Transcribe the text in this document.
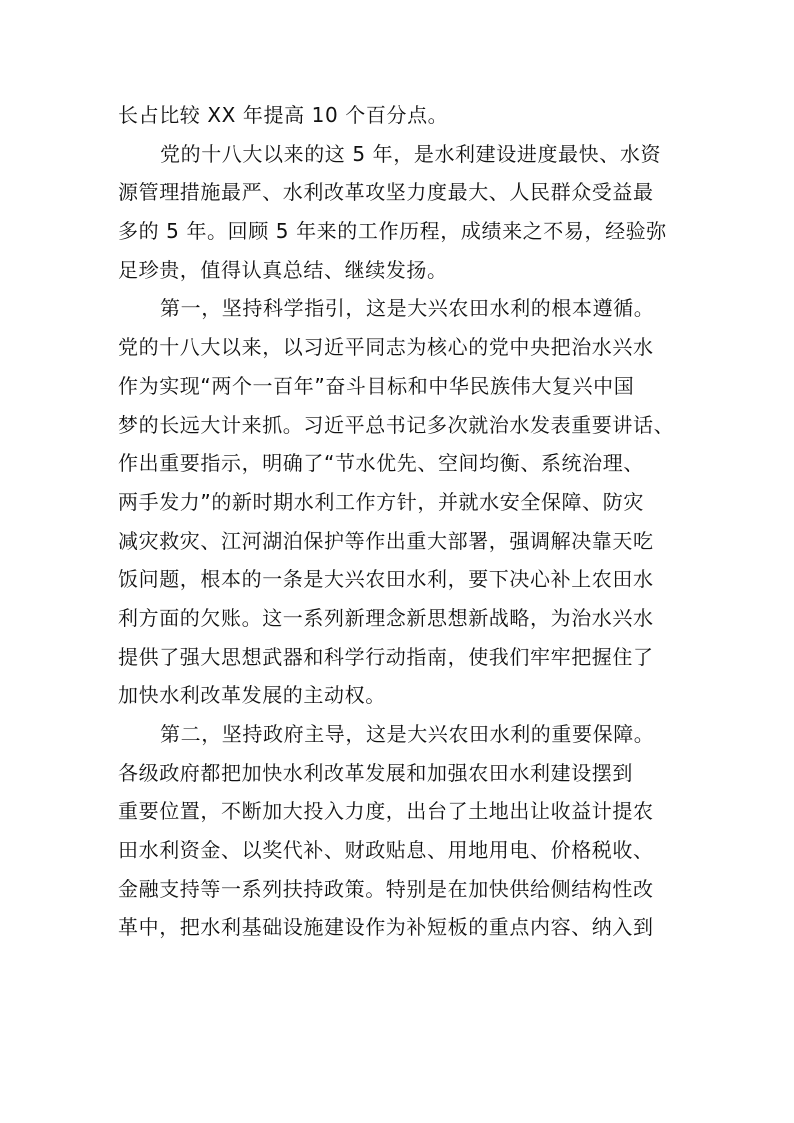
长占比较 XX 年提高 10 个百分点。
党的十八大以来的这 5 年，是水利建设进度最快、水资
源管理措施最严、水利改革攻坚力度最大、人民群众受益最
多的 5 年。回顾 5 年来的工作历程，成绩来之不易，经验弥
足珍贵，值得认真总结、继续发扬。
第一，坚持科学指引，这是大兴农田水利的根本遵循。
党的十八大以来，以习近平同志为核心的党中央把治水兴水
作为实现“两个一百年”奋斗目标和中华民族伟大复兴中国
梦的长远大计来抓。习近平总书记多次就治水发表重要讲话、
作出重要指示，明确了“节水优先、空间均衡、系统治理、
两手发力”的新时期水利工作方针，并就水安全保障、防灾
减灾救灾、江河湖泊保护等作出重大部署，强调解决靠天吃
饭问题，根本的一条是大兴农田水利，要下决心补上农田水
利方面的欠账。这一系列新理念新思想新战略，为治水兴水
提供了强大思想武器和科学行动指南，使我们牢牢把握住了
加快水利改革发展的主动权。
第二，坚持政府主导，这是大兴农田水利的重要保障。
各级政府都把加快水利改革发展和加强农田水利建设摆到
重要位置，不断加大投入力度，出台了土地出让收益计提农
田水利资金、以奖代补、财政贴息、用地用电、价格税收、
金融支持等一系列扶持政策。特别是在加快供给侧结构性改
革中，把水利基础设施建设作为补短板的重点内容、纳入到
